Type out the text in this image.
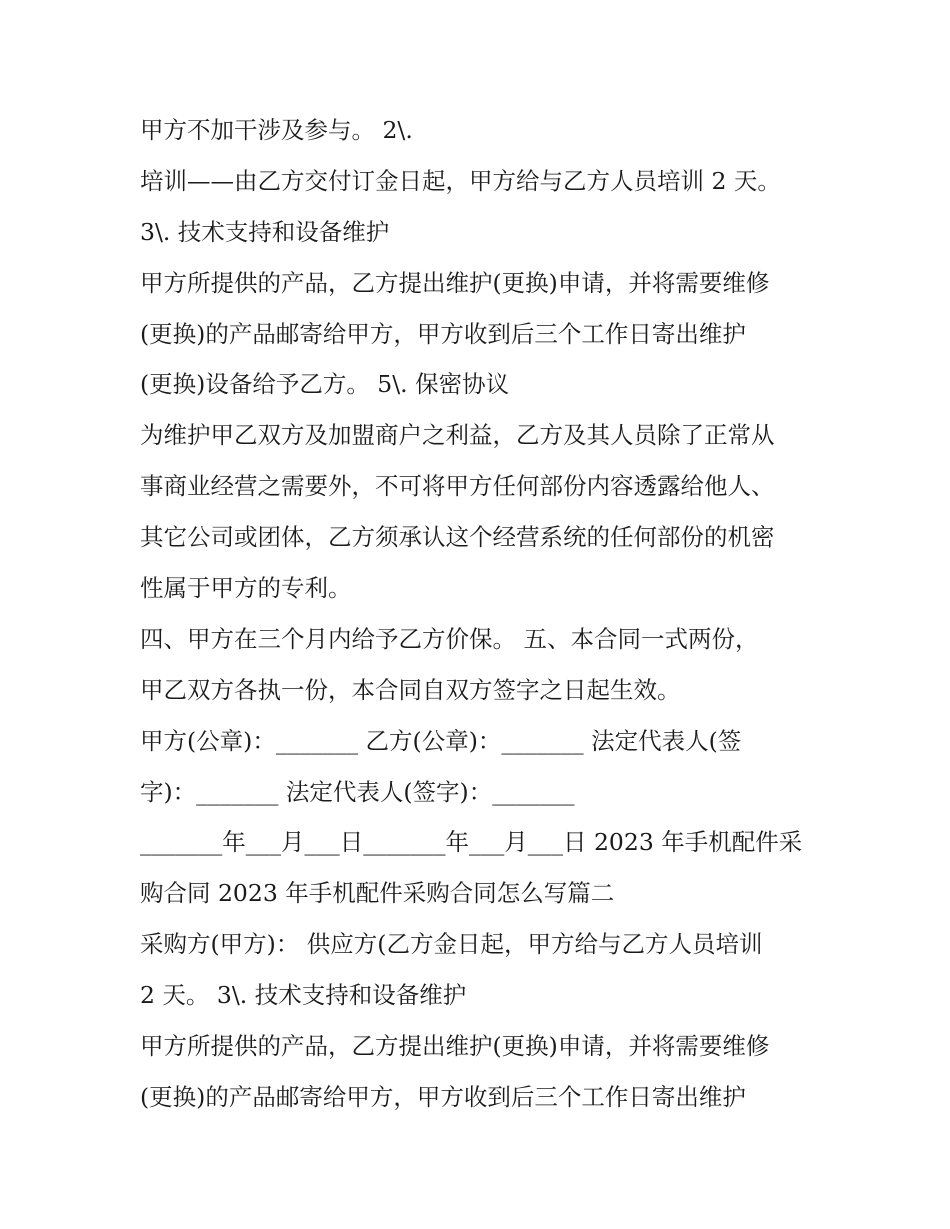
甲方不加干涉及参与。 2\.
培训——由乙方交付订金日起，甲方给与乙方人员培训 2 天。
3\. 技术支持和设备维护
甲方所提供的产品，乙方提出维护(更换)申请，并将需要维修
(更换)的产品邮寄给甲方，甲方收到后三个工作日寄出维护
(更换)设备给予乙方。 5\. 保密协议
为维护甲乙双方及加盟商户之利益，乙方及其人员除了正常从
事商业经营之需要外，不可将甲方任何部份内容透露给他人、
其它公司或团体，乙方须承认这个经营系统的任何部份的机密
性属于甲方的专利。
四、甲方在三个月内给予乙方价保。 五、本合同一式两份，
甲乙双方各执一份，本合同自双方签字之日起生效。
甲方(公章)：_______ 乙方(公章)：_______ 法定代表人(签
字)：_______ 法定代表人(签字)：_______
_______年___月___日_______年___月___日 2023 年手机配件采
购合同 2023 年手机配件采购合同怎么写篇二
采购方(甲方)： 供应方(乙方金日起，甲方给与乙方人员培训
2 天。 3\. 技术支持和设备维护
甲方所提供的产品，乙方提出维护(更换)申请，并将需要维修
(更换)的产品邮寄给甲方，甲方收到后三个工作日寄出维护
